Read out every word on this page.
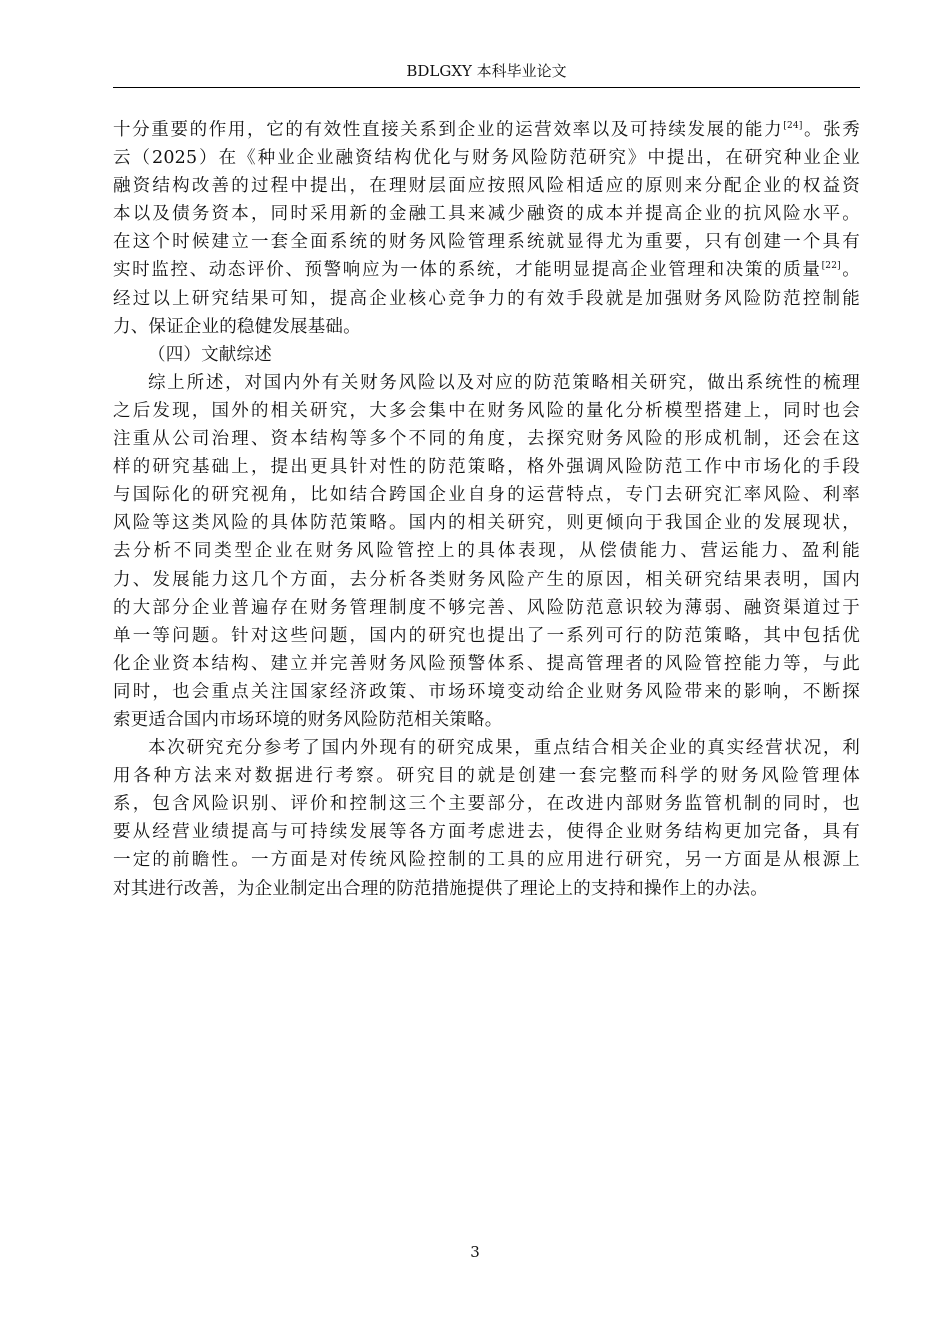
BDLGXY 本科毕业论文
十分重要的作用，它的有效性直接关系到企业的运营效率以及可持续发展的能力[24]。张秀
云（2025）在《种业企业融资结构优化与财务风险防范研究》中提出，在研究种业企业
融资结构改善的过程中提出，在理财层面应按照风险相适应的原则来分配企业的权益资
本以及债务资本，同时采用新的金融工具来减少融资的成本并提高企业的抗风险水平。
在这个时候建立一套全面系统的财务风险管理系统就显得尤为重要，只有创建一个具有
实时监控、动态评价、预警响应为一体的系统，才能明显提高企业管理和决策的质量[22]。
经过以上研究结果可知，提高企业核心竞争力的有效手段就是加强财务风险防范控制能
力、保证企业的稳健发展基础。
（四）文献综述
综上所述，对国内外有关财务风险以及对应的防范策略相关研究，做出系统性的梳理
之后发现，国外的相关研究，大多会集中在财务风险的量化分析模型搭建上，同时也会
注重从公司治理、资本结构等多个不同的角度，去探究财务风险的形成机制，还会在这
样的研究基础上，提出更具针对性的防范策略，格外强调风险防范工作中市场化的手段
与国际化的研究视角，比如结合跨国企业自身的运营特点，专门去研究汇率风险、利率
风险等这类风险的具体防范策略。国内的相关研究，则更倾向于我国企业的发展现状，
去分析不同类型企业在财务风险管控上的具体表现，从偿债能力、营运能力、盈利能
力、发展能力这几个方面，去分析各类财务风险产生的原因，相关研究结果表明，国内
的大部分企业普遍存在财务管理制度不够完善、风险防范意识较为薄弱、融资渠道过于
单一等问题。针对这些问题，国内的研究也提出了一系列可行的防范策略，其中包括优
化企业资本结构、建立并完善财务风险预警体系、提高管理者的风险管控能力等，与此
同时，也会重点关注国家经济政策、市场环境变动给企业财务风险带来的影响，不断探
索更适合国内市场环境的财务风险防范相关策略。
本次研究充分参考了国内外现有的研究成果，重点结合相关企业的真实经营状况，利
用各种方法来对数据进行考察。研究目的就是创建一套完整而科学的财务风险管理体
系，包含风险识别、评价和控制这三个主要部分，在改进内部财务监管机制的同时，也
要从经营业绩提高与可持续发展等各方面考虑进去，使得企业财务结构更加完备，具有
一定的前瞻性。一方面是对传统风险控制的工具的应用进行研究，另一方面是从根源上
对其进行改善，为企业制定出合理的防范措施提供了理论上的支持和操作上的办法。
3
